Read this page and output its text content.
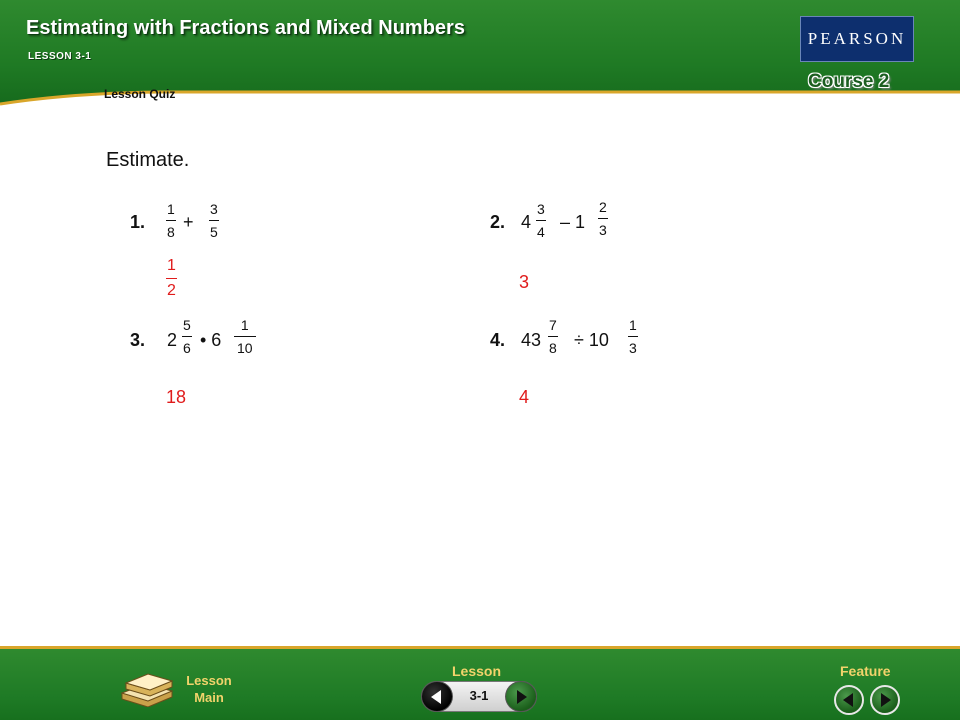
Estimating with Fractions and Mixed Numbers
LESSON 3-1
Lesson Quiz
PEARSON
Course 2
Estimate.
1.
1
8 +
3
5
1
2
2. 4
3
4 – 1
2
3
3
3. 2
5
6 • 6
1
10
18
4. 43
7
8 ÷ 10
1
3
4
Lesson
Main
Lesson
3-1
Feature
